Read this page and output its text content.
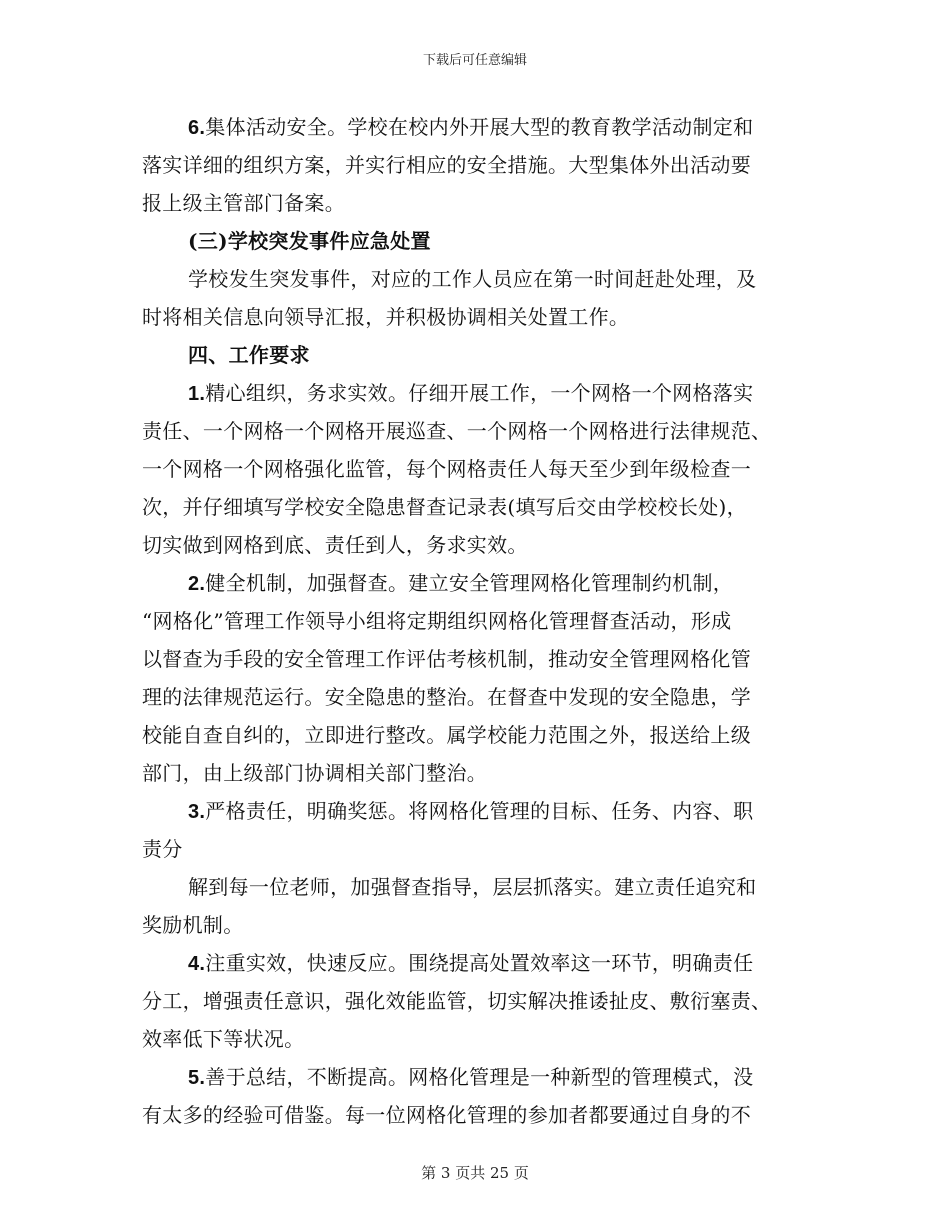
下载后可任意编辑
6.集体活动安全。学校在校内外开展大型的教育教学活动制定和
落实详细的组织方案，并实行相应的安全措施。大型集体外出活动要
报上级主管部门备案。
(三)学校突发事件应急处置
学校发生突发事件，对应的工作人员应在第一时间赶赴处理，及
时将相关信息向领导汇报，并积极协调相关处置工作。
四、工作要求
1.精心组织，务求实效。仔细开展工作，一个网格一个网格落实
责任、一个网格一个网格开展巡查、一个网格一个网格进行法律规范、
一个网格一个网格强化监管，每个网格责任人每天至少到年级检查一
次，并仔细填写学校安全隐患督查记录表(填写后交由学校校长处)，
切实做到网格到底、责任到人，务求实效。
2.健全机制，加强督查。建立安全管理网格化管理制约机制，
“网格化”管理工作领导小组将定期组织网格化管理督查活动，形成
以督查为手段的安全管理工作评估考核机制，推动安全管理网格化管
理的法律规范运行。安全隐患的整治。在督查中发现的安全隐患，学
校能自查自纠的，立即进行整改。属学校能力范围之外，报送给上级
部门，由上级部门协调相关部门整治。
3.严格责任，明确奖惩。将网格化管理的目标、任务、内容、职
责分
解到每一位老师，加强督查指导，层层抓落实。建立责任追究和
奖励机制。
4.注重实效，快速反应。围绕提高处置效率这一环节，明确责任
分工，增强责任意识，强化效能监管，切实解决推诿扯皮、敷衍塞责、
效率低下等状况。
5.善于总结，不断提高。网格化管理是一种新型的管理模式，没
有太多的经验可借鉴。每一位网格化管理的参加者都要通过自身的不
第 3 页共 25 页
